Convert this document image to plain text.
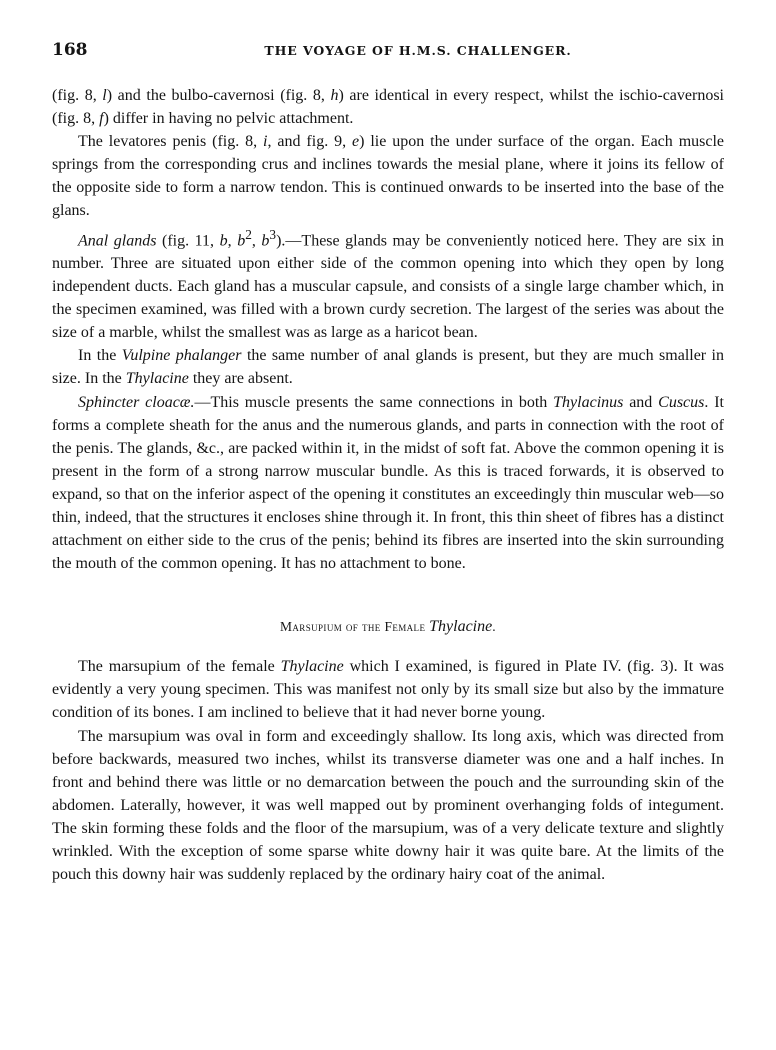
168	THE VOYAGE OF H.M.S. CHALLENGER.

(fig. 8, l) and the bulbo-cavernosi (fig. 8, h) are identical in every respect, whilst the ischio-cavernosi (fig. 8, f) differ in having no pelvic attachment.

The levatores penis (fig. 8, i, and fig. 9, e) lie upon the under surface of the organ. Each muscle springs from the corresponding crus and inclines towards the mesial plane, where it joins its fellow of the opposite side to form a narrow tendon. This is continued onwards to be inserted into the base of the glans.

Anal glands (fig. 11, b, $b^2$, $b^3).—These$ glands may be conveniently noticed here. They are six in number. Three are situated upon either side of the common opening into which they open by long independent ducts. Each gland has a muscular capsule, and consists of a single large chamber which, in the specimen examined, was filled with a brown curdy secretion. The largest of the series was about the size of a marble, whilst the smallest was as large as a haricot bean.

In the Vulpine phalanger the same number of anal glands is present, but they are much smaller in size. In the Thylacine they are absent.

Sphincter cloacæ.—This muscle presents the same connections in both Thylacinus and Cuscus. It forms a complete sheath for the anus and the numerous glands, and parts in connection with the root of the penis. The glands, &c., are packed within it, in the midst of soft fat. Above the common opening it is present in the form of a strong narrow muscular bundle. As this is traced forwards, it is observed to expand, so that on the inferior aspect of the opening it constitutes an exceedingly thin muscular web—so thin, indeed, that the structures it encloses shine through it. In front, this thin sheet of fibres has a distinct attachment on either side to the crus of the penis; behind its fibres are inserted into the skin surrounding the mouth of the common opening. It has no attachment to bone.

Marsupium of the Female Thylacine.

The marsupium of the female Thylacine which I examined, is figured in Plate IV. (fig. 3). It was evidently a very young specimen. This was manifest not only by its small size but also by the immature condition of its bones. I am inclined to believe that it had never borne young.

The marsupium was oval in form and exceedingly shallow. Its long axis, which was directed from before backwards, measured two inches, whilst its transverse diameter was one and a half inches. In front and behind there was little or no demarcation between the pouch and the surrounding skin of the abdomen. Laterally, however, it was well mapped out by prominent overhanging folds of integument. The skin forming these folds and the floor of the marsupium, was of a very delicate texture and slightly wrinkled. With the exception of some sparse white downy hair it was quite bare. At the limits of the pouch this downy hair was suddenly replaced by the ordinary hairy coat of the animal.
